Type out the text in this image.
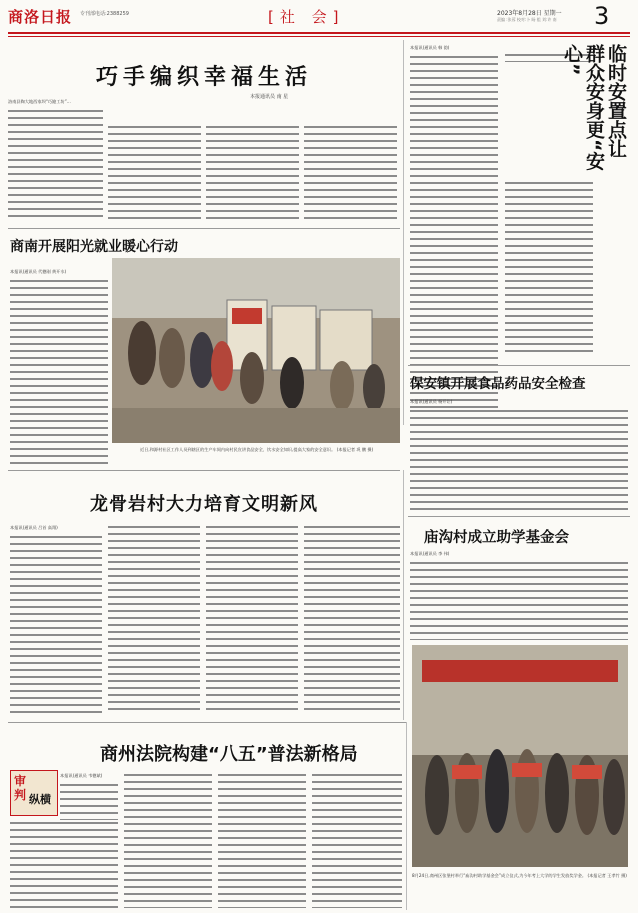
商洛日报 专刊部电话:2388259	[社 会]	2023年8月28日 星期一
责编 :张蓉 校对:卜 旸 组 刘:许 南 3
巧手编织幸福生活
本报通讯员 南 星
洛南县陶大地西家坝“巧媳工坊”...
本报讯(通讯员 韩 韵)	临时安置点让群众安身更“安心”
商南开展阳光就业暖心行动
本报讯(通讯员 代德刚 黄开水)
近日,和源村社区工作人员到辖区的生产车间内向村民宣讲食品安全、饮水安全知识,提高大家的安全意识。 (本报记者 巩 鹏 摄)
保安镇开展食品药品安全检查
本报讯(通讯员 杨开让)
龙骨岩村大力培育文明新风
本报讯(通讯员 吕首 高翔)
庙沟村成立助学基金会
本报讯(通讯员 李 伟)
8月24日,商州区张堡村举行“庙沟村助学基金会”成立仪式,为今年考上大学的学生发放奖学金。 (本报记者 王孝竹 摄)
商州法院构建“八五”普法新格局
审
判 纵横
本报讯(通讯员 韦德斌)
